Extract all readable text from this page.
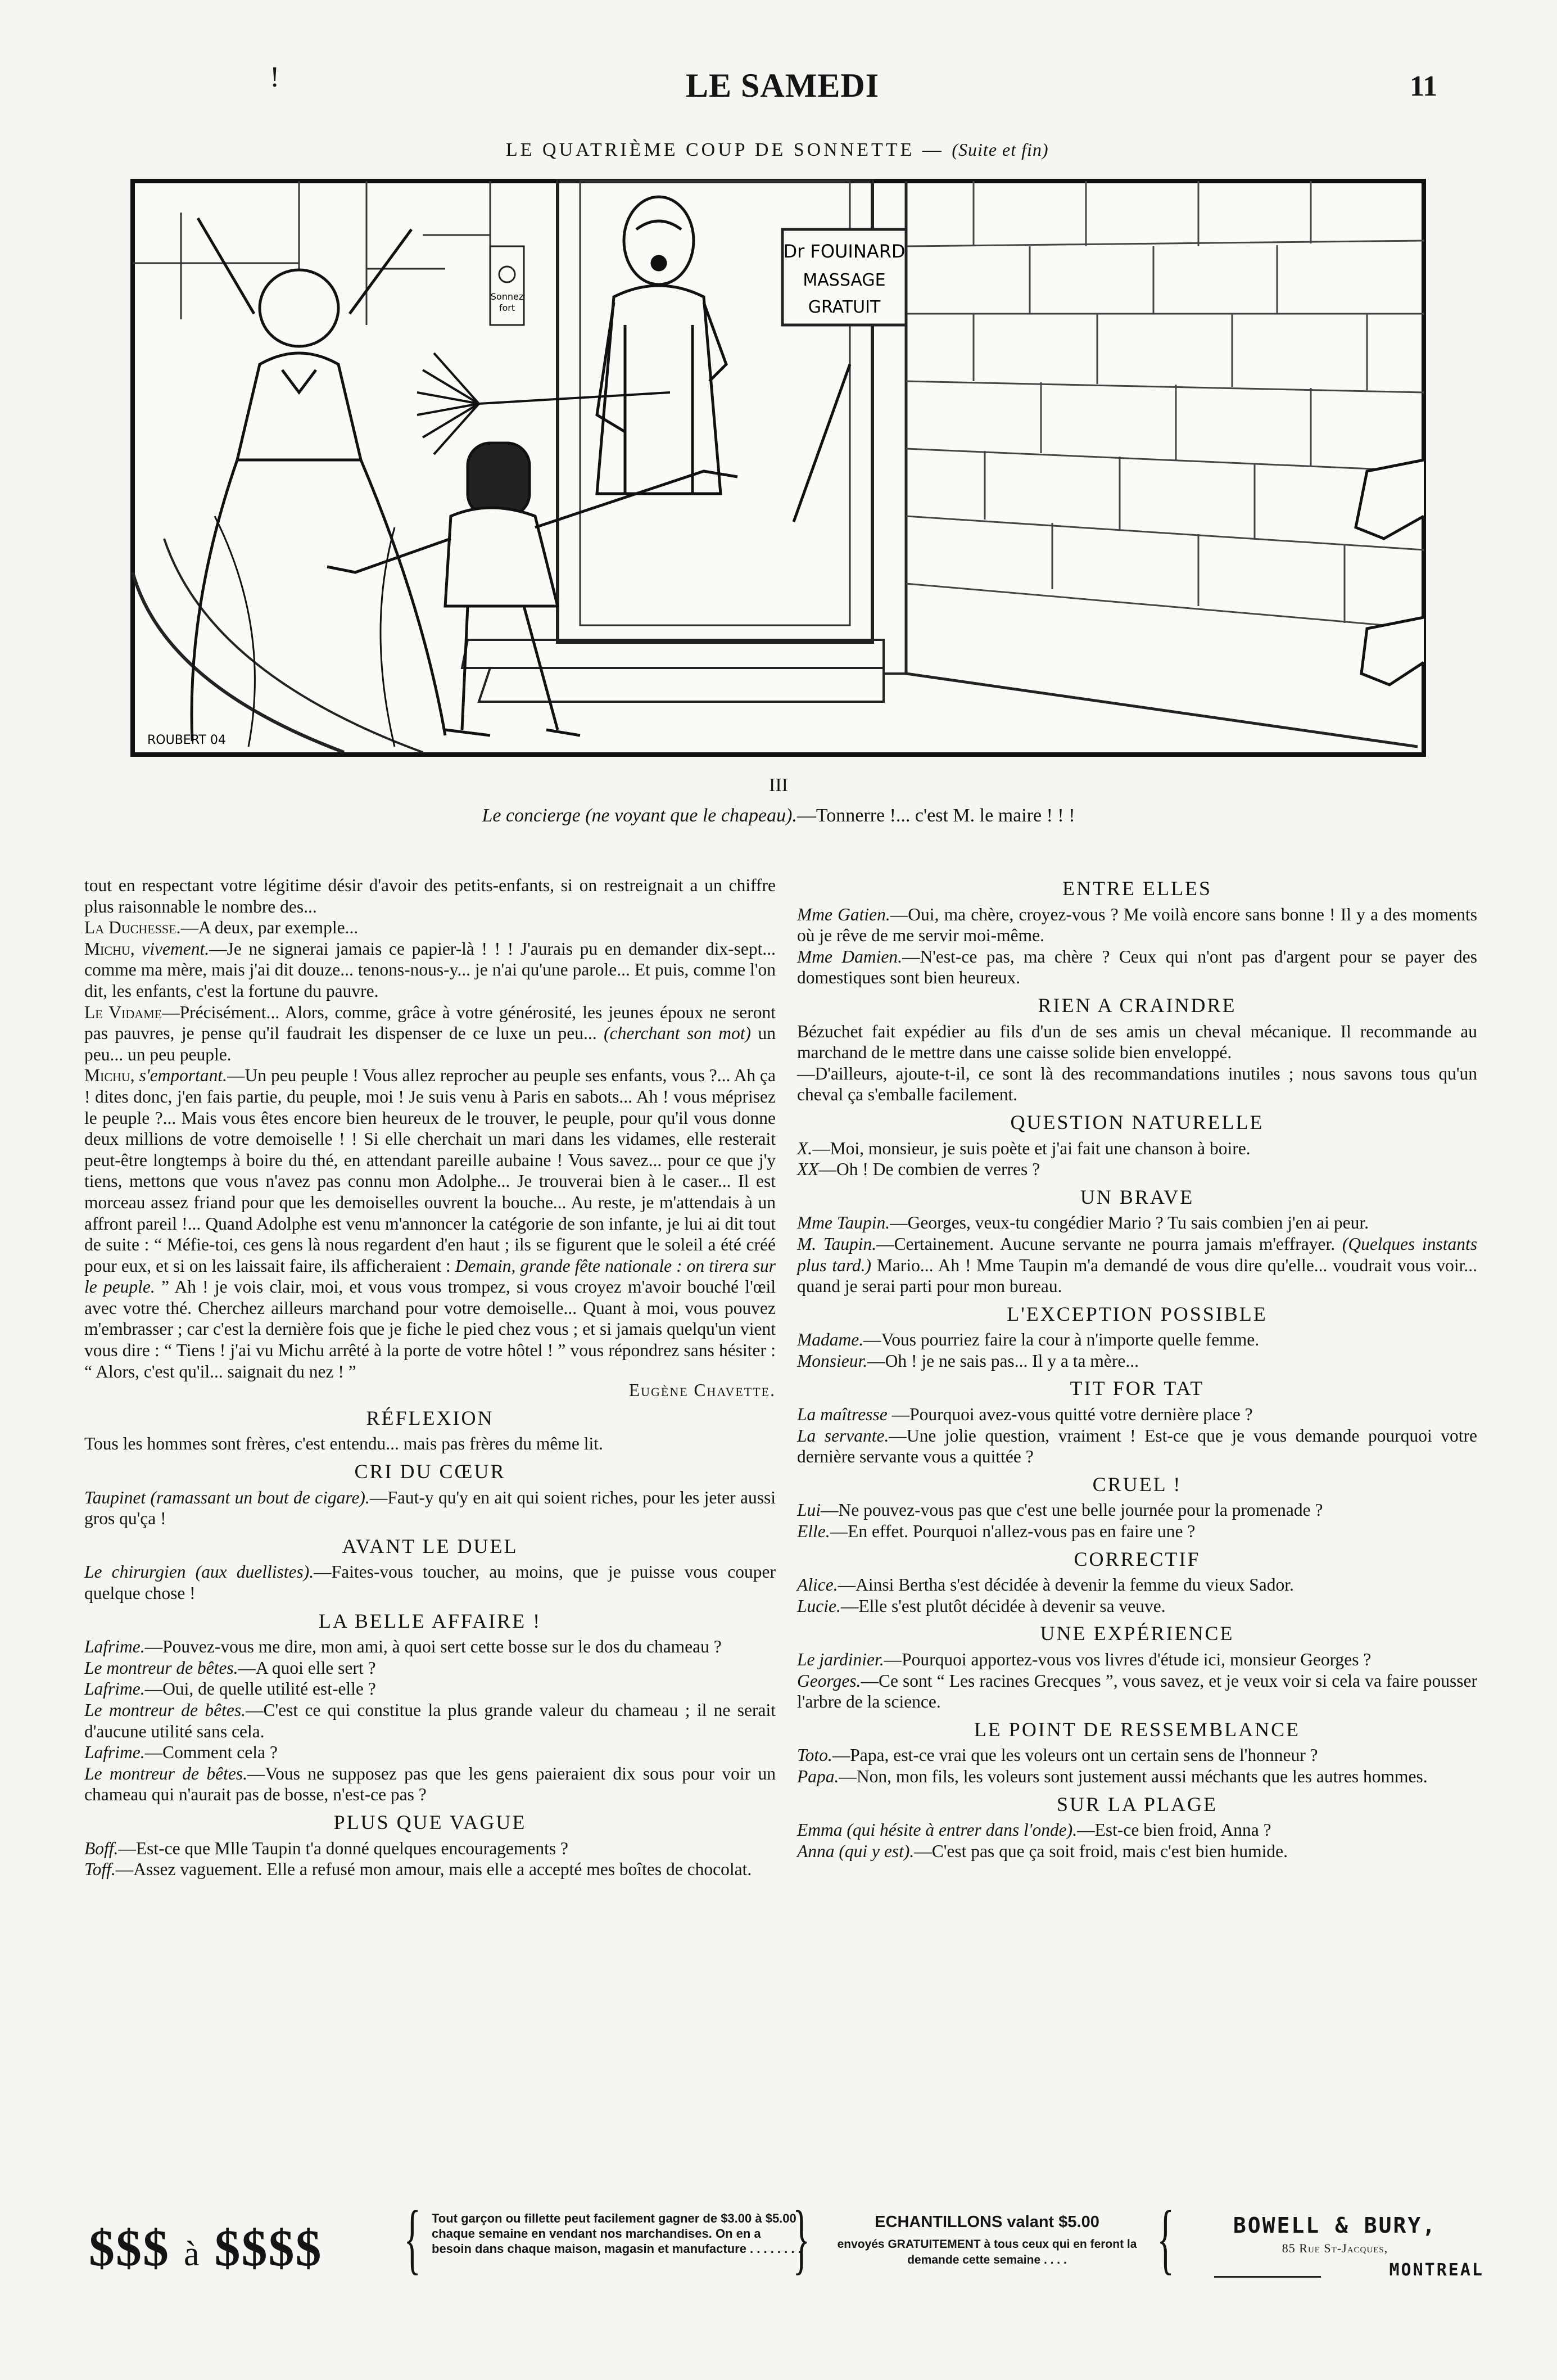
!	LE SAMEDI	11
LE QUATRIÈME COUP DE SONNETTE — (Suite et fin)
Sonnez
fort
Dr FOUINARD
MASSAGE
GRATUIT
ROUBERT 04
III
Le concierge (ne voyant que le chapeau).—Tonnerre !... c'est M. le maire ! ! !

tout en respectant votre légitime désir d'avoir des petits-enfants, si on restreignait a un chiffre plus raisonnable le nombre des...

La Duchesse.—A deux, par exemple...

Michu, vivement.—Je ne signerai jamais ce papier-là ! ! ! J'aurais pu en demander dix-sept... comme ma mère, mais j'ai dit douze... tenons-nous-y... je n'ai qu'une parole... Et puis, comme l'on dit, les enfants, c'est la fortune du pauvre.

Le Vidame—Précisément... Alors, comme, grâce à votre générosité, les jeunes époux ne seront pas pauvres, je pense qu'il faudrait les dispenser de ce luxe un peu... (cherchant son mot) un peu... un peu peuple.

Michu, s'emportant.—Un peu peuple ! Vous allez reprocher au peuple ses enfants, vous ?... Ah ça ! dites donc, j'en fais partie, du peuple, moi ! Je suis venu à Paris en sabots... Ah ! vous méprisez le peuple ?... Mais vous êtes encore bien heureux de le trouver, le peuple, pour qu'il vous donne deux millions de votre demoiselle ! ! Si elle cherchait un mari dans les vidames, elle resterait peut-être longtemps à boire du thé, en attendant pareille aubaine ! Vous savez... pour ce que j'y tiens, mettons que vous n'avez pas connu mon Adolphe... Je trouverai bien à le caser... Il est morceau assez friand pour que les demoiselles ouvrent la bouche... Au reste, je m'attendais à un affront pareil !... Quand Adolphe est venu m'annoncer la catégorie de son infante, je lui ai dit tout de suite : “ Méfie-toi, ces gens là nous regardent d'en haut ; ils se figurent que le soleil a été créé pour eux, et si on les laissait faire, ils afficheraient : Demain, grande fête nationale : on tirera sur le peuple. ” Ah ! je vois clair, moi, et vous vous trompez, si vous croyez m'avoir bouché l'œil avec votre thé. Cherchez ailleurs marchand pour votre demoiselle... Quant à moi, vous pouvez m'embrasser ; car c'est la dernière fois que je fiche le pied chez vous ; et si jamais quelqu'un vient vous dire : “ Tiens ! j'ai vu Michu arrêté à la porte de votre hôtel ! ” vous répondrez sans hésiter : “ Alors, c'est qu'il... saignait du nez ! ”

Eugène Chavette.
RÉFLEXION

Tous les hommes sont frères, c'est entendu... mais pas frères du même lit.

CRI DU CŒUR

Taupinet (ramassant un bout de cigare).—Faut-y qu'y en ait qui soient riches, pour les jeter aussi gros qu'ça !

AVANT LE DUEL

Le chirurgien (aux duellistes).—Faites-vous toucher, au moins, que je puisse vous couper quelque chose !

LA BELLE AFFAIRE !

Lafrime.—Pouvez-vous me dire, mon ami, à quoi sert cette bosse sur le dos du chameau ?

Le montreur de bêtes.—A quoi elle sert ?

Lafrime.—Oui, de quelle utilité est-elle ?

Le montreur de bêtes.—C'est ce qui constitue la plus grande valeur du chameau ; il ne serait d'aucune utilité sans cela.

Lafrime.—Comment cela ?

Le montreur de bêtes.—Vous ne supposez pas que les gens paieraient dix sous pour voir un chameau qui n'aurait pas de bosse, n'est-ce pas ?

PLUS QUE VAGUE

Boff.—Est-ce que Mlle Taupin t'a donné quelques encouragements ?

Toff.—Assez vaguement. Elle a refusé mon amour, mais elle a accepté mes boîtes de chocolat.

ENTRE ELLES

Mme Gatien.—Oui, ma chère, croyez-vous ? Me voilà encore sans bonne ! Il y a des moments où je rêve de me servir moi-même.

Mme Damien.—N'est-ce pas, ma chère ? Ceux qui n'ont pas d'argent pour se payer des domestiques sont bien heureux.

RIEN A CRAINDRE

Bézuchet fait expédier au fils d'un de ses amis un cheval mécanique. Il recommande au marchand de le mettre dans une caisse solide bien enveloppé.

—D'ailleurs, ajoute-t-il, ce sont là des recommandations inutiles ; nous savons tous qu'un cheval ça s'emballe facilement.

QUESTION NATURELLE

X.—Moi, monsieur, je suis poète et j'ai fait une chanson à boire.

XX—Oh ! De combien de verres ?

UN BRAVE

Mme Taupin.—Georges, veux-tu congédier Mario ? Tu sais combien j'en ai peur.

M. Taupin.—Certainement. Aucune servante ne pourra jamais m'effrayer. (Quelques instants plus tard.) Mario... Ah ! Mme Taupin m'a demandé de vous dire qu'elle... voudrait vous voir... quand je serai parti pour mon bureau.

L'EXCEPTION POSSIBLE

Madame.—Vous pourriez faire la cour à n'importe quelle femme.

Monsieur.—Oh ! je ne sais pas... Il y a ta mère...

TIT FOR TAT

La maîtresse —Pourquoi avez-vous quitté votre dernière place ?

La servante.—Une jolie question, vraiment ! Est-ce que je vous demande pourquoi votre dernière servante vous a quittée ?

CRUEL !

Lui—Ne pouvez-vous pas que c'est une belle journée pour la promenade ?

Elle.—En effet. Pourquoi n'allez-vous pas en faire une ?

CORRECTIF

Alice.—Ainsi Bertha s'est décidée à devenir la femme du vieux Sador.

Lucie.—Elle s'est plutôt décidée à devenir sa veuve.

UNE EXPÉRIENCE

Le jardinier.—Pourquoi apportez-vous vos livres d'étude ici, monsieur Georges ?

Georges.—Ce sont “ Les racines Grecques ”, vous savez, et je veux voir si cela va faire pousser l'arbre de la science.

LE POINT DE RESSEMBLANCE

Toto.—Papa, est-ce vrai que les voleurs ont un certain sens de l'honneur ?

Papa.—Non, mon fils, les voleurs sont justement aussi méchants que les autres hommes.

SUR LA PLAGE

Emma (qui hésite à entrer dans l'onde).—Est-ce bien froid, Anna ?

Anna (qui y est).—C'est pas que ça soit froid, mais c'est bien humide.

$$$ à $$$$ { Tout garçon ou fillette peut facilement gagner de $3.00 à $5.00 chaque semaine en vendant nos marchandises. On en a besoin dans chaque maison, magasin et manufacture . . . . . . . .
}	ECHANTILLONS valant $5.00
envoyés GRATUITEMENT à tous ceux qui en feront la demande cette semaine . . . .	{	BOWELL & BURY,
85 Rue St-Jacques,
MONTREAL
